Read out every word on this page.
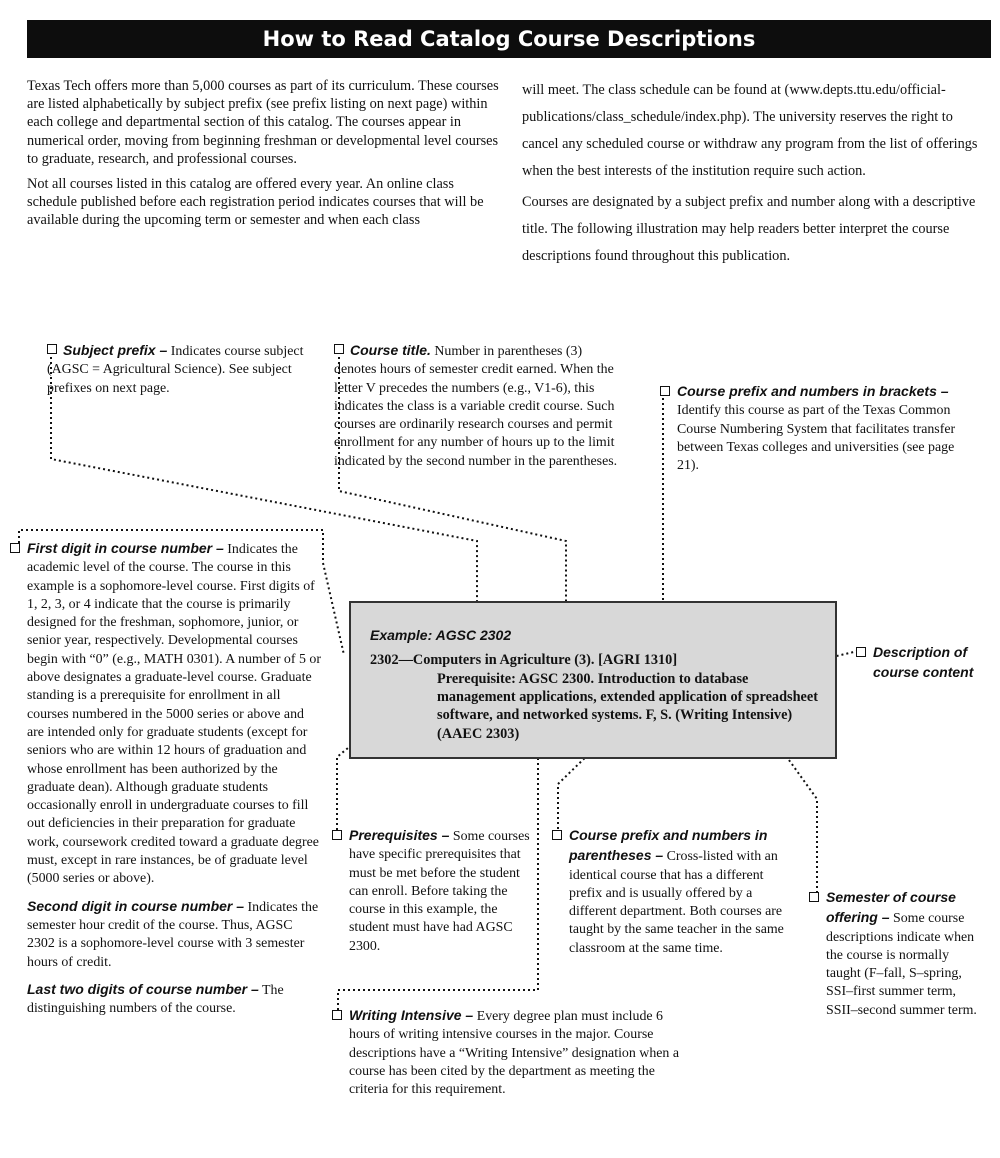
How to Read Catalog Course Descriptions

Texas Tech offers more than 5,000 courses as part of its curriculum. These courses are listed alphabetically by subject prefix (see prefix listing on next page) within each college and departmental section of this catalog. The courses appear in numerical order, moving from beginning freshman or developmental level courses to graduate, research, and professional courses.

Not all courses listed in this catalog are offered every year. An online class schedule published before each registration period indicates courses that will be available during the upcoming term or semester and when each class

will meet. The class schedule can be found at (www.depts.ttu.edu/official-publications/class_schedule/index.php). The university reserves the right to cancel any scheduled course or withdraw any program from the list of offerings when the best interests of the institution require such action.

Courses are designated by a subject prefix and number along with a descriptive title. The following illustration may help readers better interpret the course descriptions found throughout this publication.

Example: AGSC 2302
2302—Computers in Agriculture (3). [AGRI 1310]
Prerequisite: AGSC 2300. Introduction to database management applications, extended application of spreadsheet software, and networked systems. F, S. (Writing Intensive) (AAEC 2303)
Subject prefix – Indicates course subject (AGSC = Agricultural Science). See subject prefixes on next page.
Course title. Number in parentheses (3) denotes hours of semester credit earned. When the letter V precedes the numbers (e.g., V1-6), this indicates the class is a variable credit course. Such courses are ordinarily research courses and permit enrollment for any number of hours up to the limit indicated by the second number in the parentheses.
Course prefix and numbers in brackets – Identify this course as part of the Texas Common Course Numbering System that facilitates transfer between Texas colleges and universities (see page 21).

First digit in course number – Indicates the academic level of the course. The course in this example is a sophomore-level course. First digits of 1, 2, 3, or 4 indicate that the course is primarily designed for the freshman, sophomore, junior, or senior year, respectively. Developmental courses begin with “0” (e.g., MATH 0301). A number of 5 or above designates a graduate-level course. Graduate standing is a prerequisite for enrollment in all courses numbered in the 5000 series or above and are intended only for graduate students (except for seniors who are within 12 hours of graduation and whose enrollment has been authorized by the graduate dean). Although graduate students occasionally enroll in undergraduate courses to fill out deficiencies in their preparation for graduate work, coursework credited toward a graduate degree must, except in rare instances, be of graduate level (5000 series or above).

Second digit in course number – Indicates the semester hour credit of the course. Thus, AGSC 2302 is a sophomore-level course with 3 semester hours of credit.

Last two digits of course number – The distinguishing numbers of the course.

Description of course content
Prerequisites – Some courses have specific prerequisites that must be met before the student can enroll. Before taking the course in this example, the student must have had AGSC 2300.
Course prefix and numbers in parentheses – Cross-listed with an identical course that has a different prefix and is usually offered by a different department. Both courses are taught by the same teacher in the same classroom at the same time.
Semester of course offering – Some course descriptions indicate when the course is normally taught (F–fall, S–spring, SSI–first summer term, SSII–second summer term.
Writing Intensive – Every degree plan must include 6 hours of writing intensive courses in the major. Course descriptions have a “Writing Intensive” designation when a course has been cited by the department as meeting the criteria for this requirement.
